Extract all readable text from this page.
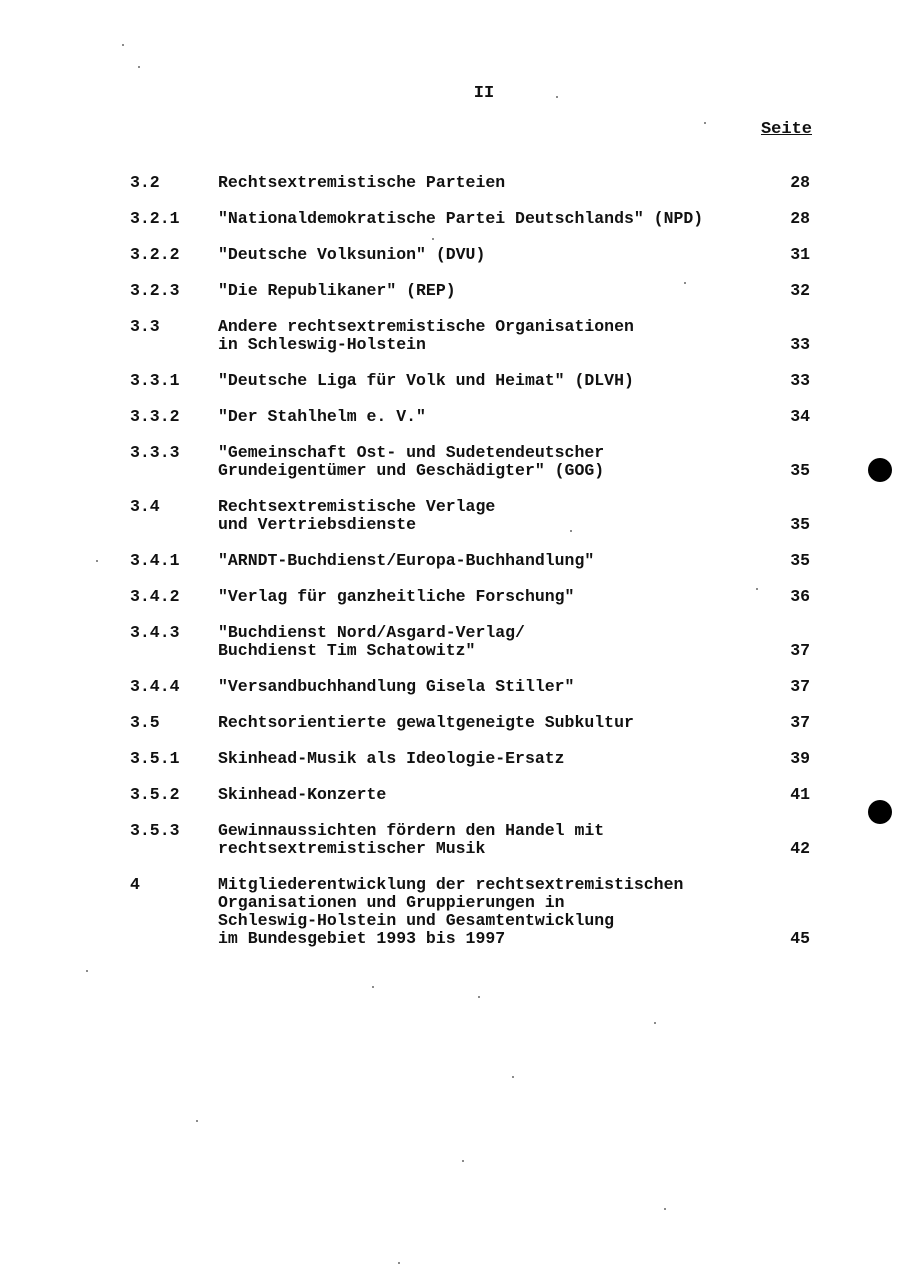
II
Seite
3.2	Rechtsextremistische Parteien	28
3.2.1 "Nationaldemokratische Partei Deutschlands" (NPD)	28
3.2.2 "Deutsche Volksunion" (DVU)	31
3.2.3 "Die Republikaner" (REP)	32
3.3	Andere rechtsextremistische Organisationen
in Schleswig-Holstein	33
3.3.1 "Deutsche Liga für Volk und Heimat" (DLVH)	33
3.3.2 "Der Stahlhelm e. V."	34
3.3.3 "Gemeinschaft Ost- und Sudetendeutscher
Grundeigentümer und Geschädigter" (GOG)	35
3.4	Rechtsextremistische Verlage
und Vertriebsdienste	35
3.4.1 "ARNDT-Buchdienst/Europa-Buchhandlung"	35
3.4.2 "Verlag für ganzheitliche Forschung"	36
3.4.3 "Buchdienst Nord/Asgard-Verlag/
Buchdienst Tim Schatowitz"	37
3.4.4 "Versandbuchhandlung Gisela Stiller"	37
3.5	Rechtsorientierte gewaltgeneigte Subkultur	37
3.5.1 Skinhead-Musik als Ideologie-Ersatz	39
3.5.2 Skinhead-Konzerte	41
3.5.3 Gewinnaussichten fördern den Handel mit
rechtsextremistischer Musik	42
4	Mitgliederentwicklung der rechtsextremistischen
Organisationen und Gruppierungen in
Schleswig-Holstein und Gesamtentwicklung
im Bundesgebiet 1993 bis 1997	45
